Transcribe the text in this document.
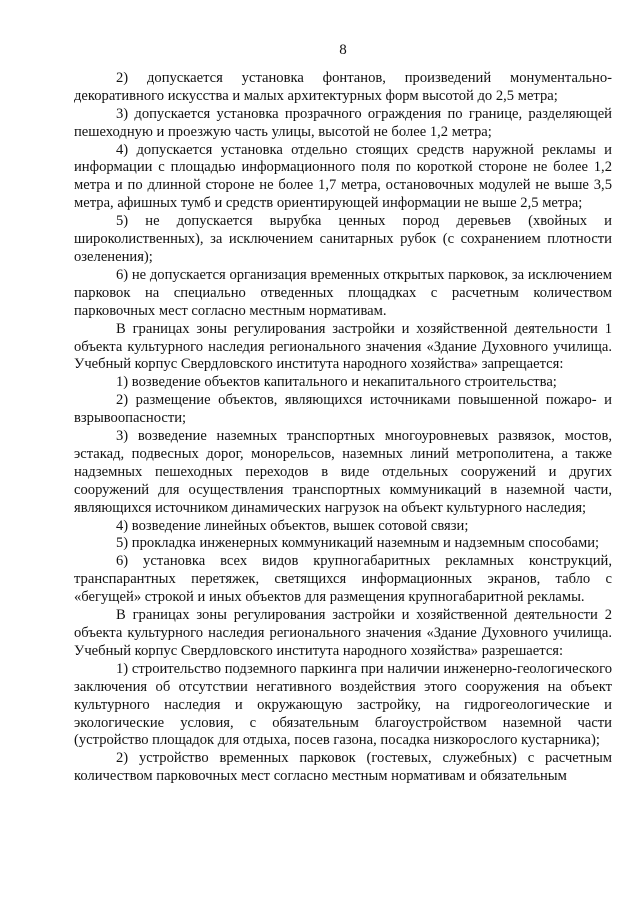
8

2) допускается установка фонтанов, произведений монументально-декоративного искусства и малых архитектурных форм высотой до 2,5 метра;

3) допускается установка прозрачного ограждения по границе, разделяющей пешеходную и проезжую часть улицы, высотой не более 1,2 метра;

4) допускается установка отдельно стоящих средств наружной рекламы и информации с площадью информационного поля по короткой стороне не более 1,2 метра и по длинной стороне не более 1,7 метра, остановочных модулей не выше 3,5 метра, афишных тумб и средств ориентирующей информации не выше 2,5 метра;

5) не допускается вырубка ценных пород деревьев (хвойных и широколиственных), за исключением санитарных рубок (с сохранением плотности озеленения);

6) не допускается организация временных открытых парковок, за исключением парковок на специально отведенных площадках с расчетным количеством парковочных мест согласно местным нормативам.

В границах зоны регулирования застройки и хозяйственной деятельности 1 объекта культурного наследия регионального значения «Здание Духовного училища. Учебный корпус Свердловского института народного хозяйства» запрещается:

1) возведение объектов капитального и некапитального строительства;

2) размещение объектов, являющихся источниками повышенной пожаро- и взрывоопасности;

3) возведение наземных транспортных многоуровневых развязок, мостов, эстакад, подвесных дорог, монорельсов, наземных линий метрополитена, а также надземных пешеходных переходов в виде отдельных сооружений и других сооружений для осуществления транспортных коммуникаций в наземной части, являющихся источником динамических нагрузок на объект культурного наследия;

4) возведение линейных объектов, вышек сотовой связи;

5) прокладка инженерных коммуникаций наземным и надземным способами;

6) установка всех видов крупногабаритных рекламных конструкций, транспарантных перетяжек, светящихся информационных экранов, табло с «бегущей» строкой и иных объектов для размещения крупногабаритной рекламы.

В границах зоны регулирования застройки и хозяйственной деятельности 2 объекта культурного наследия регионального значения «Здание Духовного училища. Учебный корпус Свердловского института народного хозяйства» разрешается:

1) строительство подземного паркинга при наличии инженерно-геологического заключения об отсутствии негативного воздействия этого сооружения на объект культурного наследия и окружающую застройку, на гидрогеологические и экологические условия, с обязательным благоустройством наземной части (устройство площадок для отдыха, посев газона, посадка низкорослого кустарника);

2) устройство временных парковок (гостевых, служебных) с расчетным количеством парковочных мест согласно местным нормативам и обязательным
